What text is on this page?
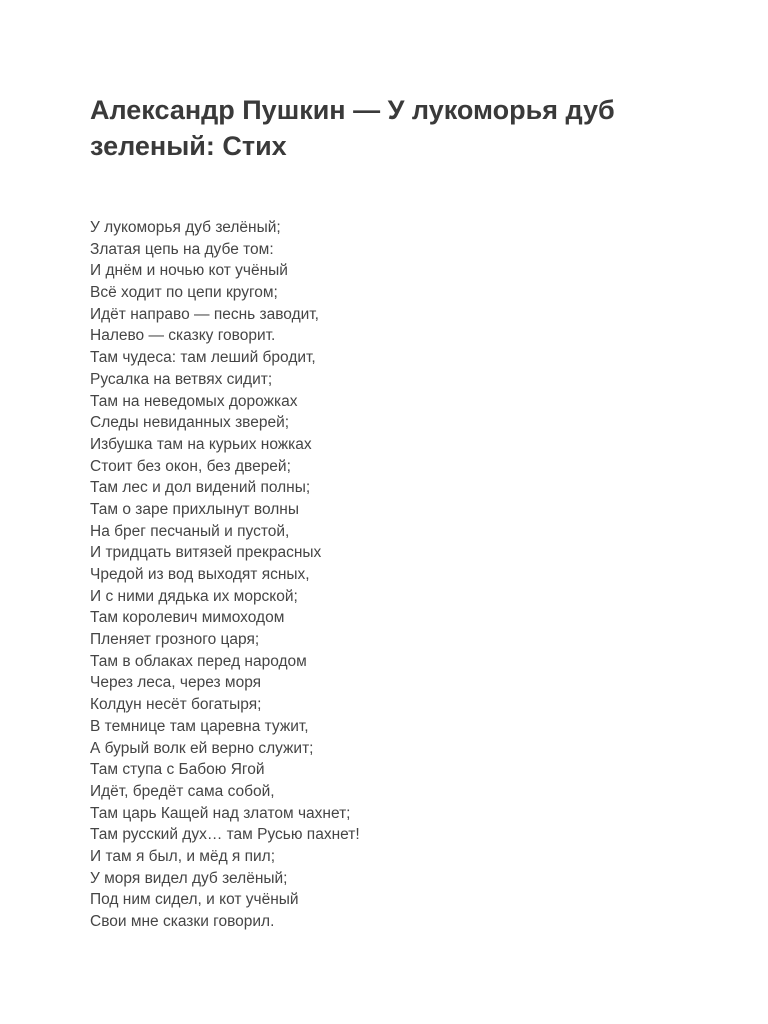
Александр Пушкин — У лукоморья дуб зеленый: Стих
У лукоморья дуб зелёный;
Златая цепь на дубе том:
И днём и ночью кот учёный
Всё ходит по цепи кругом;
Идёт направо — песнь заводит,
Налево — сказку говорит.
Там чудеса: там леший бродит,
Русалка на ветвях сидит;
Там на неведомых дорожках
Следы невиданных зверей;
Избушка там на курьих ножках
Стоит без окон, без дверей;
Там лес и дол видений полны;
Там о заре прихлынут волны
На брег песчаный и пустой,
И тридцать витязей прекрасных
Чредой из вод выходят ясных,
И с ними дядька их морской;
Там королевич мимоходом
Пленяет грозного царя;
Там в облаках перед народом
Через леса, через моря
Колдун несёт богатыря;
В темнице там царевна тужит,
А бурый волк ей верно служит;
Там ступа с Бабою Ягой
Идёт, бредёт сама собой,
Там царь Кащей над златом чахнет;
Там русский дух… там Русью пахнет!
И там я был, и мёд я пил;
У моря видел дуб зелёный;
Под ним сидел, и кот учёный
Свои мне сказки говорил.
